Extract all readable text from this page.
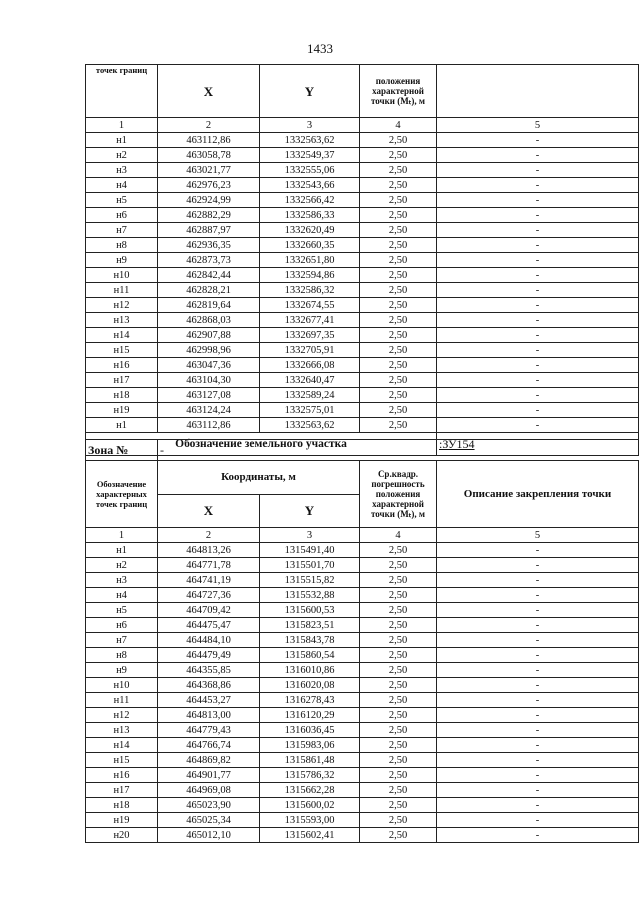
1433
точек границ	X	Y	положения характерной точки (Mₜ), м	
1	2	3	4	5
н1	463112,86	1332563,62	2,50	-
н2	463058,78	1332549,37	2,50	-
н3	463021,77	1332555,06	2,50	-
н4	462976,23	1332543,66	2,50	-
н5	462924,99	1332566,42	2,50	-
н6	462882,29	1332586,33	2,50	-
н7	462887,97	1332620,49	2,50	-
н8	462936,35	1332660,35	2,50	-
н9	462873,73	1332651,80	2,50	-
н10	462842,44	1332594,86	2,50	-
н11	462828,21	1332586,32	2,50	-
н12	462819,64	1332674,55	2,50	-
н13	462868,03	1332677,41	2,50	-
н14	462907,88	1332697,35	2,50	-
н15	462998,96	1332705,91	2,50	-
н16	463047,36	1332666,08	2,50	-
н17	463104,30	1332640,47	2,50	-
н18	463127,08	1332589,24	2,50	-
н19	463124,24	1332575,01	2,50	-
н1	463112,86	1332563,62	2,50	-
Обозначение земельного участка				:ЗУ154
Зона №	-			
Обозначение характерных точек границ	Координаты, м		Ср.квадр. погрешность положения характерной точки (Mₜ), м	Описание закрепления точки
	X	Y		
1	2	3	4	5
н1	464813,26	1315491,40	2,50	-
н2	464771,78	1315501,70	2,50	-
н3	464741,19	1315515,82	2,50	-
н4	464727,36	1315532,88	2,50	-
н5	464709,42	1315600,53	2,50	-
н6	464475,47	1315823,51	2,50	-
н7	464484,10	1315843,78	2,50	-
н8	464479,49	1315860,54	2,50	-
н9	464355,85	1316010,86	2,50	-
н10	464368,86	1316020,08	2,50	-
н11	464453,27	1316278,43	2,50	-
н12	464813,00	1316120,29	2,50	-
н13	464779,43	1316036,45	2,50	-
н14	464766,74	1315983,06	2,50	-
н15	464869,82	1315861,48	2,50	-
н16	464901,77	1315786,32	2,50	-
н17	464969,08	1315662,28	2,50	-
н18	465023,90	1315600,02	2,50	-
н19	465025,34	1315593,00	2,50	-
н20	465012,10	1315602,41	2,50	-
